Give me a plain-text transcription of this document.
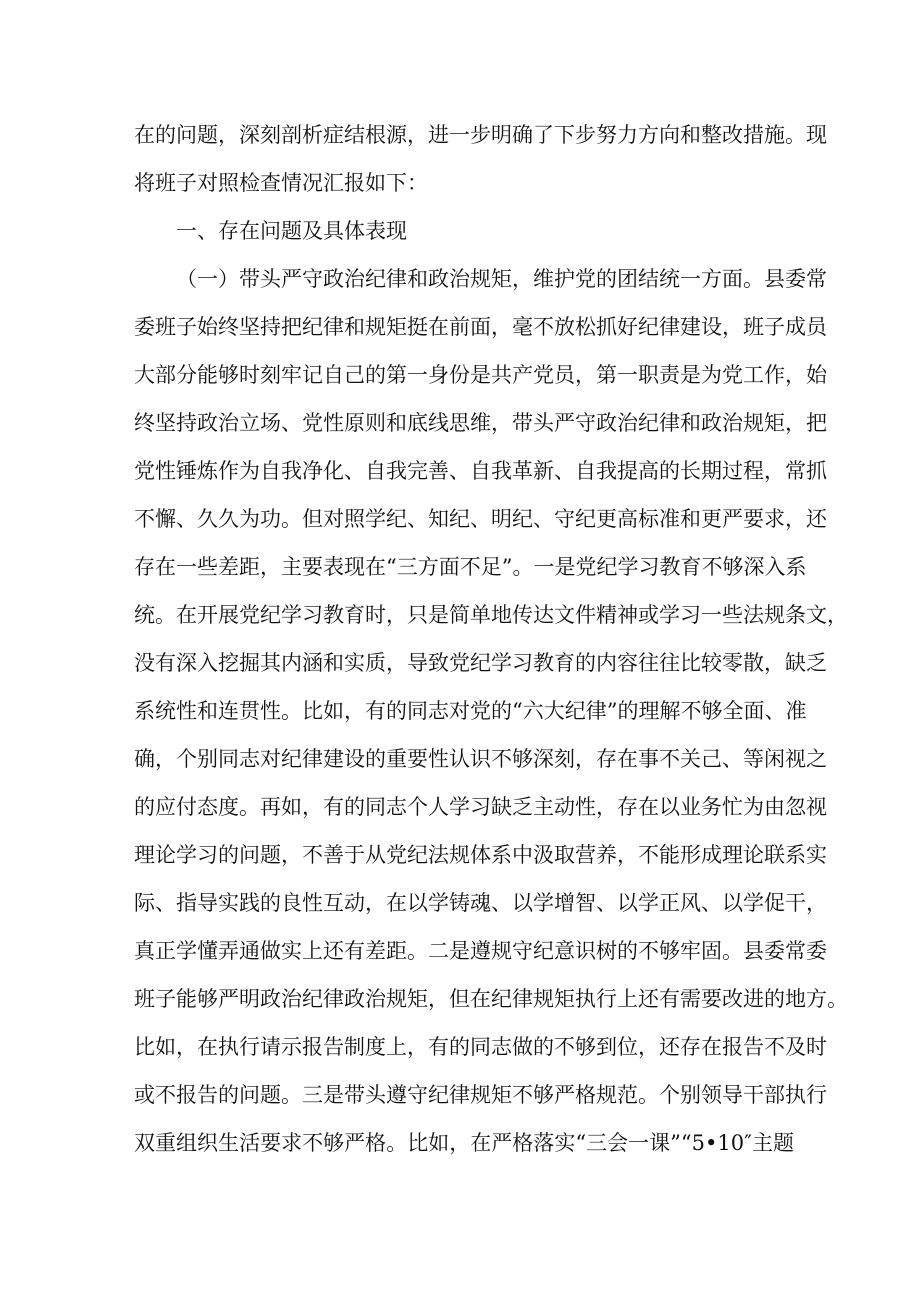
在的问题，深刻剖析症结根源，进一步明确了下步努力方向和整改措施。现
将班子对照检查情况汇报如下：
一、存在问题及具体表现
（一）带头严守政治纪律和政治规矩，维护党的团结统一方面。县委常
委班子始终坚持把纪律和规矩挺在前面，毫不放松抓好纪律建设，班子成员
大部分能够时刻牢记自己的第一身份是共产党员，第一职责是为党工作，始
终坚持政治立场、党性原则和底线思维，带头严守政治纪律和政治规矩，把
党性锤炼作为自我净化、自我完善、自我革新、自我提高的长期过程，常抓
不懈、久久为功。但对照学纪、知纪、明纪、守纪更高标准和更严要求，还
存在一些差距，主要表现在“三方面不足”。一是党纪学习教育不够深入系
统。在开展党纪学习教育时，只是简单地传达文件精神或学习一些法规条文，
没有深入挖掘其内涵和实质，导致党纪学习教育的内容往往比较零散，缺乏
系统性和连贯性。比如，有的同志对党的“六大纪律”的理解不够全面、准
确，个别同志对纪律建设的重要性认识不够深刻，存在事不关己、等闲视之
的应付态度。再如，有的同志个人学习缺乏主动性，存在以业务忙为由忽视
理论学习的问题，不善于从党纪法规体系中汲取营养，不能形成理论联系实
际、指导实践的良性互动，在以学铸魂、以学增智、以学正风、以学促干，
真正学懂弄通做实上还有差距。二是遵规守纪意识树的不够牢固。县委常委
班子能够严明政治纪律政治规矩，但在纪律规矩执行上还有需要改进的地方。
比如，在执行请示报告制度上，有的同志做的不够到位，还存在报告不及时
或不报告的问题。三是带头遵守纪律规矩不够严格规范。个别领导干部执行
双重组织生活要求不够严格。比如，在严格落实“三会一课”“5•10″主题
